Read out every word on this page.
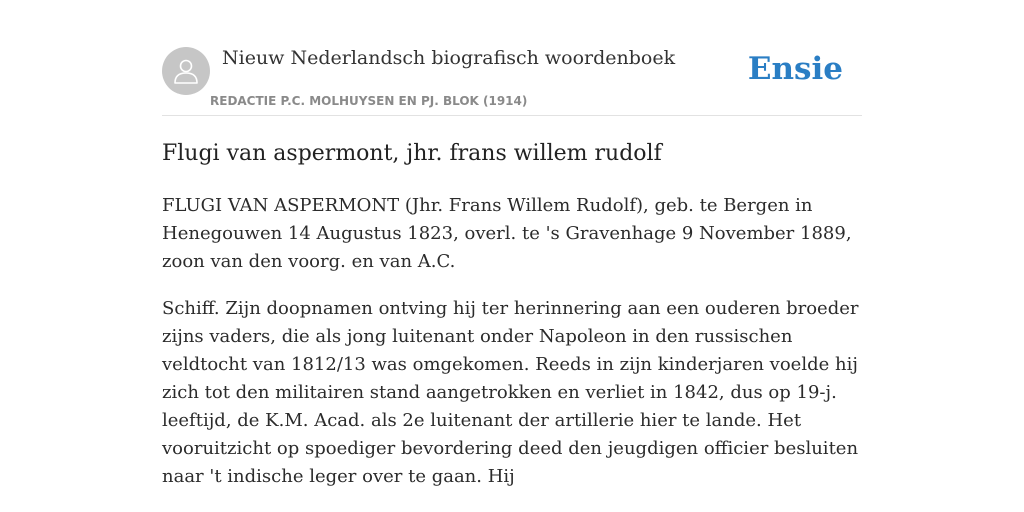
Nieuw Nederlandsch biografisch woordenboek
REDACTIE P.C. MOLHUYSEN EN PJ. BLOK (1914)
Ensie
Flugi van aspermont, jhr. frans willem rudolf

FLUGI VAN ASPERMONT (Jhr. Frans Willem Rudolf), geb. te Bergen in Henegouwen 14 Augustus 1823, overl. te 's Gravenhage 9 November 1889, zoon van den voorg. en van A.C.

Schiff. Zijn doopnamen ontving hij ter herinnering aan een ouderen broeder zijns vaders, die als jong luitenant onder Napoleon in den russischen veldtocht van 1812/13 was omgekomen. Reeds in zijn kinderjaren voelde hij zich tot den militairen stand aangetrokken en verliet in 1842, dus op 19-j. leeftijd, de K.M. Acad. als 2e luitenant der artillerie hier te lande. Het vooruitzicht op spoediger bevordering deed den jeugdigen officier besluiten naar 't indische leger over te gaan. Hij
